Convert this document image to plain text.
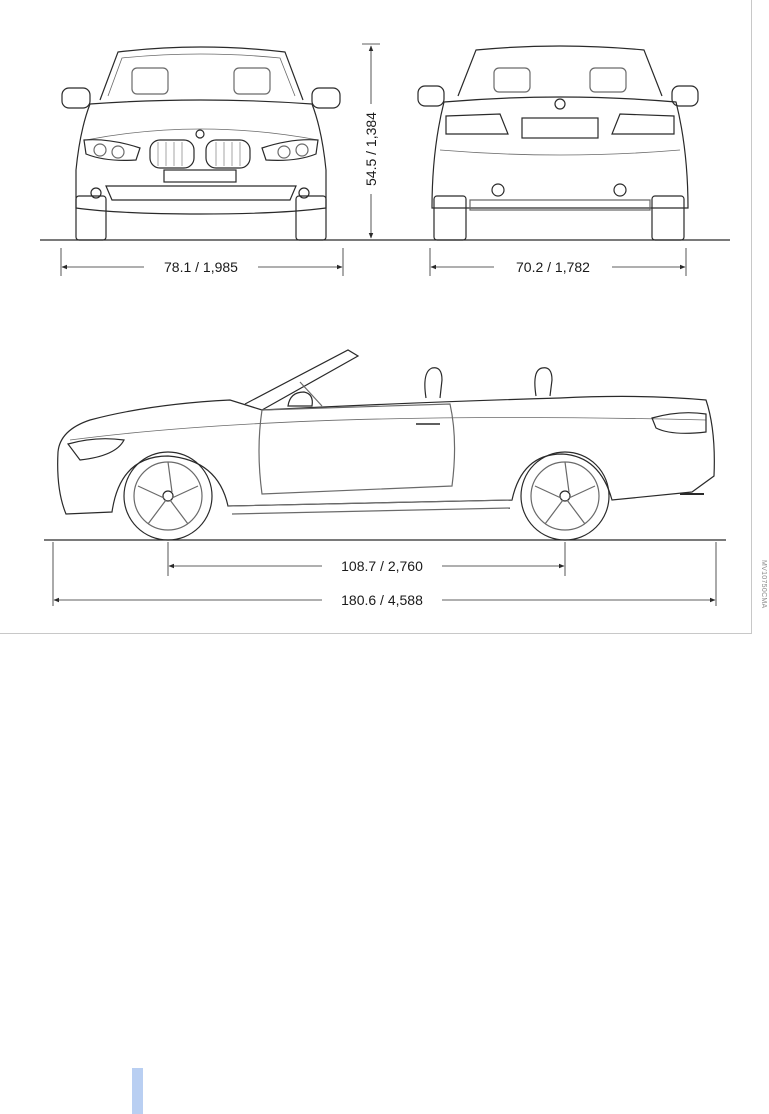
54.5 / 1,384
78.1 / 1,985	70.2 / 1,782
108.7 / 2,760
180.6 / 4,588	MV10750CMA
